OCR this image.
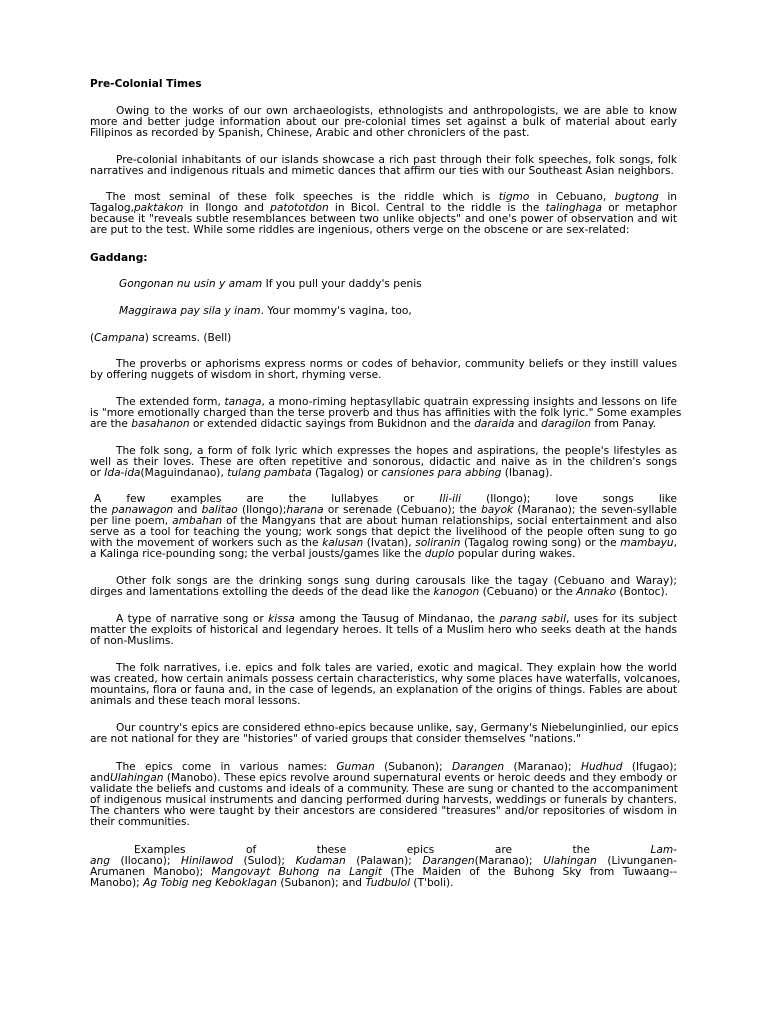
Pre-Colonial Times
Owing to the works of our own archaeologists, ethnologists and anthropologists, we are able to know
more and better judge information about our pre-colonial times set against a bulk of material about early
Filipinos as recorded by Spanish, Chinese, Arabic and other chroniclers of the past.
Pre-colonial inhabitants of our islands showcase a rich past through their folk speeches, folk songs, folk
narratives and indigenous rituals and mimetic dances that affirm our ties with our Southeast Asian neighbors.
The most seminal of these folk speeches is the riddle which is tigmo in Cebuano, bugtong in
Tagalog,paktakon in Ilongo and patototdon in Bicol. Central to the riddle is the talinghaga or metaphor
because it "reveals subtle resemblances between two unlike objects" and one's power of observation and wit
are put to the test. While some riddles are ingenious, others verge on the obscene or are sex-related:
Gaddang:
Gongonan nu usin y amam If you pull your daddy's penis
Maggirawa pay sila y inam. Your mommy's vagina, too,
(Campana) screams. (Bell)
The proverbs or aphorisms express norms or codes of behavior, community beliefs or they instill values
by offering nuggets of wisdom in short, rhyming verse.
The extended form, tanaga, a mono-riming heptasyllabic quatrain expressing insights and lessons on life
is "more emotionally charged than the terse proverb and thus has affinities with the folk lyric." Some examples
are the basahanon or extended didactic sayings from Bukidnon and the daraida and daragilon from Panay.
The folk song, a form of folk lyric which expresses the hopes and aspirations, the people's lifestyles as
well as their loves. These are often repetitive and sonorous, didactic and naive as in the children's songs
or Ida-ida(Maguindanao), tulang pambata (Tagalog) or cansiones para abbing (Ibanag).
A few examples are the lullabyes or Ili-ili (Ilongo); love songs like
the panawagon and balitao (Ilongo);harana or serenade (Cebuano); the bayok (Maranao); the seven-syllable
per line poem, ambahan of the Mangyans that are about human relationships, social entertainment and also
serve as a tool for teaching the young; work songs that depict the livelihood of the people often sung to go
with the movement of workers such as the kalusan (Ivatan), soliranin (Tagalog rowing song) or the mambayu,
a Kalinga rice-pounding song; the verbal jousts/games like the duplo popular during wakes.
Other folk songs are the drinking songs sung during carousals like the tagay (Cebuano and Waray);
dirges and lamentations extolling the deeds of the dead like the kanogon (Cebuano) or the Annako (Bontoc).
A type of narrative song or kissa among the Tausug of Mindanao, the parang sabil, uses for its subject
matter the exploits of historical and legendary heroes. It tells of a Muslim hero who seeks death at the hands
of non-Muslims.
The folk narratives, i.e. epics and folk tales are varied, exotic and magical. They explain how the world
was created, how certain animals possess certain characteristics, why some places have waterfalls, volcanoes,
mountains, flora or fauna and, in the case of legends, an explanation of the origins of things. Fables are about
animals and these teach moral lessons.
Our country's epics are considered ethno-epics because unlike, say, Germany's Niebelunginlied, our epics
are not national for they are "histories" of varied groups that consider themselves "nations."
The epics come in various names: Guman (Subanon); Darangen (Maranao); Hudhud (Ifugao);
andUlahingan (Manobo). These epics revolve around supernatural events or heroic deeds and they embody or
validate the beliefs and customs and ideals of a community. These are sung or chanted to the accompaniment
of indigenous musical instruments and dancing performed during harvests, weddings or funerals by chanters.
The chanters who were taught by their ancestors are considered "treasures" and/or repositories of wisdom in
their communities.
Examples of these epics are the Lam-
ang (Ilocano); Hinilawod (Sulod); Kudaman (Palawan); Darangen(Maranao); Ulahingan (Livunganen-
Arumanen Manobo); Mangovayt Buhong na Langit (The Maiden of the Buhong Sky from Tuwaang--
Manobo); Ag Tobig neg Keboklagan (Subanon); and Tudbulol (T'boli).
